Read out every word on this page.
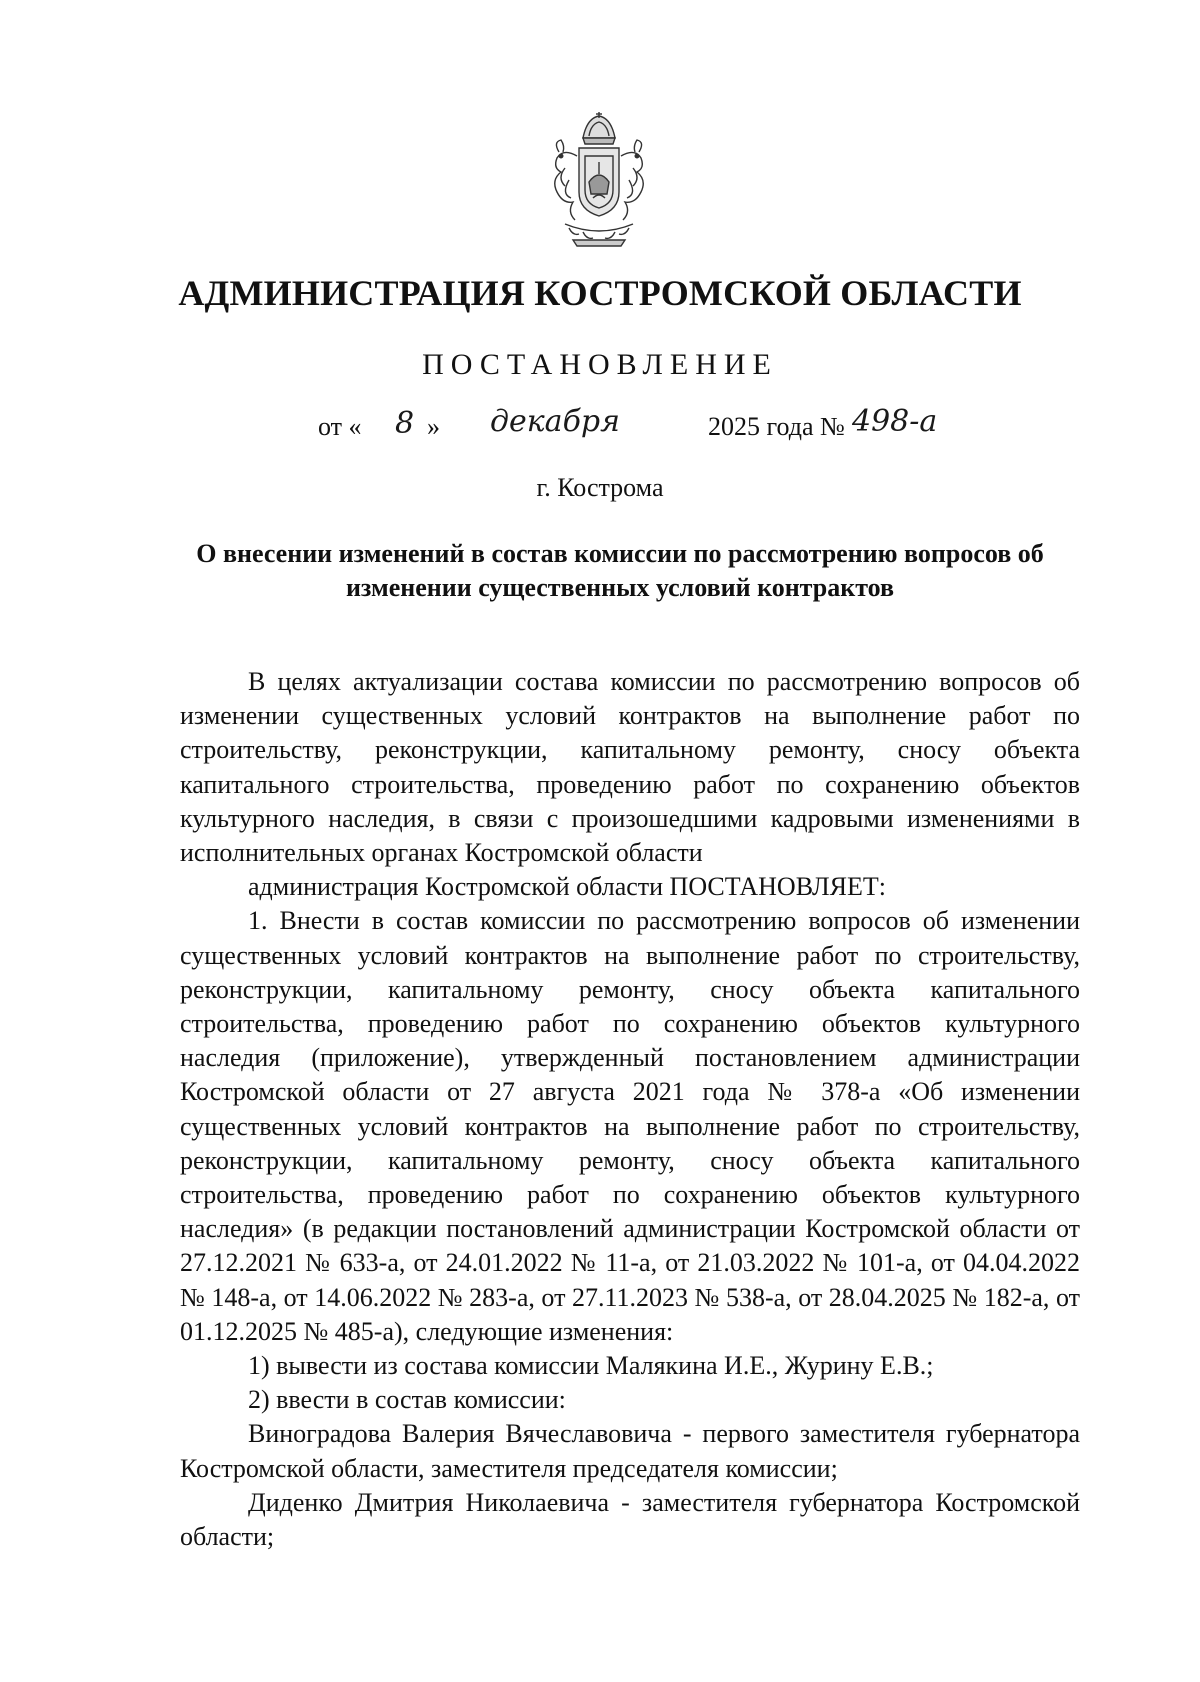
АДМИНИСТРАЦИЯ КОСТРОМСКОЙ ОБЛАСТИ
ПОСТАНОВЛЕНИЕ
от « 8 » декабря	2025 года № 498-а
г. Кострома
О внесении изменений в состав комиссии по рассмотрению вопросов об изменении существенных условий контрактов

В целях актуализации состава комиссии по рассмотрению вопросов об изменении существенных условий контрактов на выполнение работ по строительству, реконструкции, капитальному ремонту, сносу объекта капитального строительства, проведению работ по сохранению объектов культурного наследия, в связи с произошедшими кадровыми изменениями в исполнительных органах Костромской области

администрация Костромской области ПОСТАНОВЛЯЕТ:

1. Внести в состав комиссии по рассмотрению вопросов об изменении существенных условий контрактов на выполнение работ по строительству, реконструкции, капитальному ремонту, сносу объекта капитального строительства, проведению работ по сохранению объектов культурного наследия (приложение), утвержденный постановлением администрации Костромской области от 27 августа 2021 года № 378-а «Об изменении существенных условий контрактов на выполнение работ по строительству, реконструкции, капитальному ремонту, сносу объекта капитального строительства, проведению работ по сохранению объектов культурного наследия» (в редакции постановлений администрации Костромской области от 27.12.2021 № 633-а, от 24.01.2022 № 11-а, от 21.03.2022 № 101-а, от 04.04.2022 № 148-а, от 14.06.2022 № 283-а, от 27.11.2023 № 538-а, от 28.04.2025 № 182-а, от 01.12.2025 № 485-а), следующие изменения:

1) вывести из состава комиссии Малякина И.Е., Журину Е.В.;

2) ввести в состав комиссии:

Виноградова Валерия Вячеславовича - первого заместителя губернатора Костромской области, заместителя председателя комиссии;

Диденко Дмитрия Николаевича - заместителя губернатора Костромской области;
